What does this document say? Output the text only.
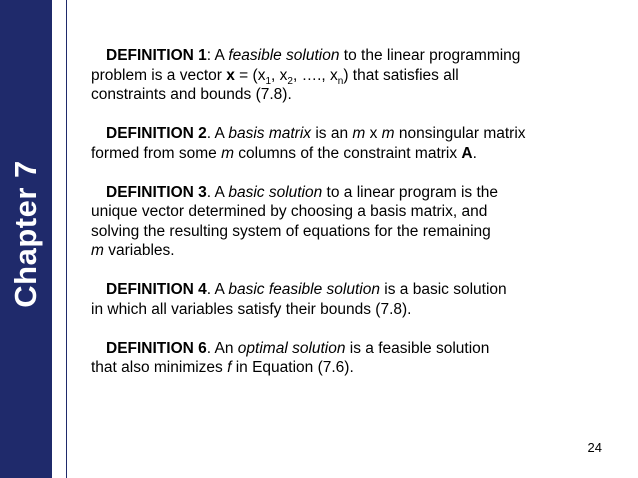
Chapter 7
DEFINITION 1: A feasible solution to the linear programming
problem is a vector $x = (x_1$, $x_2$, …., $x_n$) that satisfies all
constraints and bounds (7.8).
DEFINITION 2. A basis matrix is an m x m nonsingular matrix
formed from some m columns of the constraint matrix A.
DEFINITION 3. A basic solution to a linear program is the
unique vector determined by choosing a basis matrix, and
solving the resulting system of equations for the remaining
m variables.
DEFINITION 4. A basic feasible solution is a basic solution
in which all variables satisfy their bounds (7.8).
DEFINITION 6. An optimal solution is a feasible solution
that also minimizes f in Equation (7.6).
24
